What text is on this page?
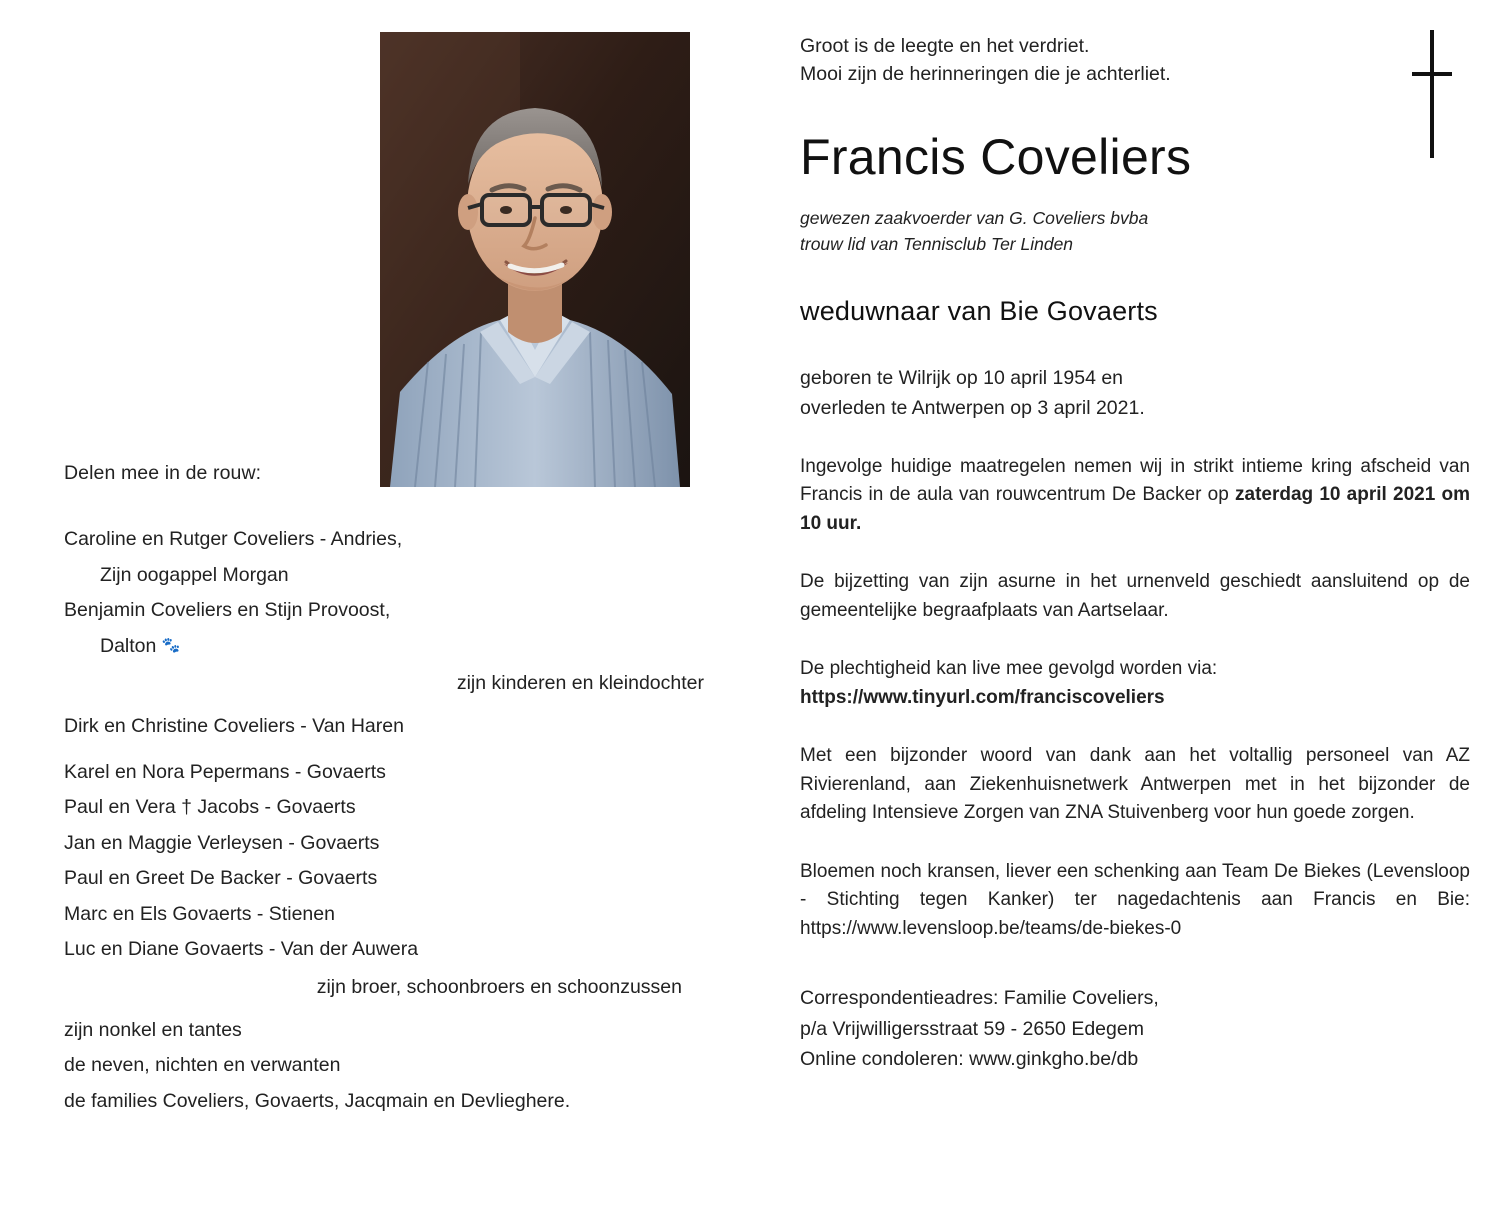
Delen mee in de rouw:
Caroline en Rutger Coveliers - Andries,
Zijn oogappel Morgan
Benjamin Coveliers en Stijn Provoost,
Dalton 🐾
zijn kinderen en kleindochter
Dirk en Christine Coveliers - Van Haren
Karel en Nora Pepermans - Govaerts
Paul en Vera † Jacobs - Govaerts
Jan en Maggie Verleysen - Govaerts
Paul en Greet De Backer - Govaerts
Marc en Els Govaerts - Stienen
Luc en Diane Govaerts - Van der Auwera
zijn broer, schoonbroers en schoonzussen
zijn nonkel en tantes
de neven, nichten en verwanten
de families Coveliers, Govaerts, Jacqmain en Devlieghere.
Groot is de leegte en het verdriet.
Mooi zijn de herinneringen die je achterliet.
Francis Coveliers
gewezen zaakvoerder van G. Coveliers bvba
trouw lid van Tennisclub Ter Linden
weduwnaar van Bie Govaerts
geboren te Wilrijk op 10 april 1954 en
overleden te Antwerpen op 3 april 2021.
Ingevolge huidige maatregelen nemen wij in strikt intieme kring afscheid van Francis in de aula van rouwcentrum De Backer op zaterdag 10 april 2021 om 10 uur.
De bijzetting van zijn asurne in het urnenveld geschiedt aansluitend op de gemeentelijke begraafplaats van Aartselaar.
De plechtigheid kan live mee gevolgd worden via:
https://www.tinyurl.com/franciscoveliers
Met een bijzonder woord van dank aan het voltallig personeel van AZ Rivierenland, aan Ziekenhuisnetwerk Antwerpen met in het bijzonder de afdeling Intensieve Zorgen van ZNA Stuivenberg voor hun goede zorgen.
Bloemen noch kransen, liever een schenking aan Team De Biekes (Levensloop - Stichting tegen Kanker) ter nagedachtenis aan Francis en Bie: https://www.levensloop.be/teams/de-biekes-0
Correspondentieadres: Familie Coveliers,
p/a Vrijwilligersstraat 59 - 2650 Edegem
Online condoleren: www.ginkgho.be/db
